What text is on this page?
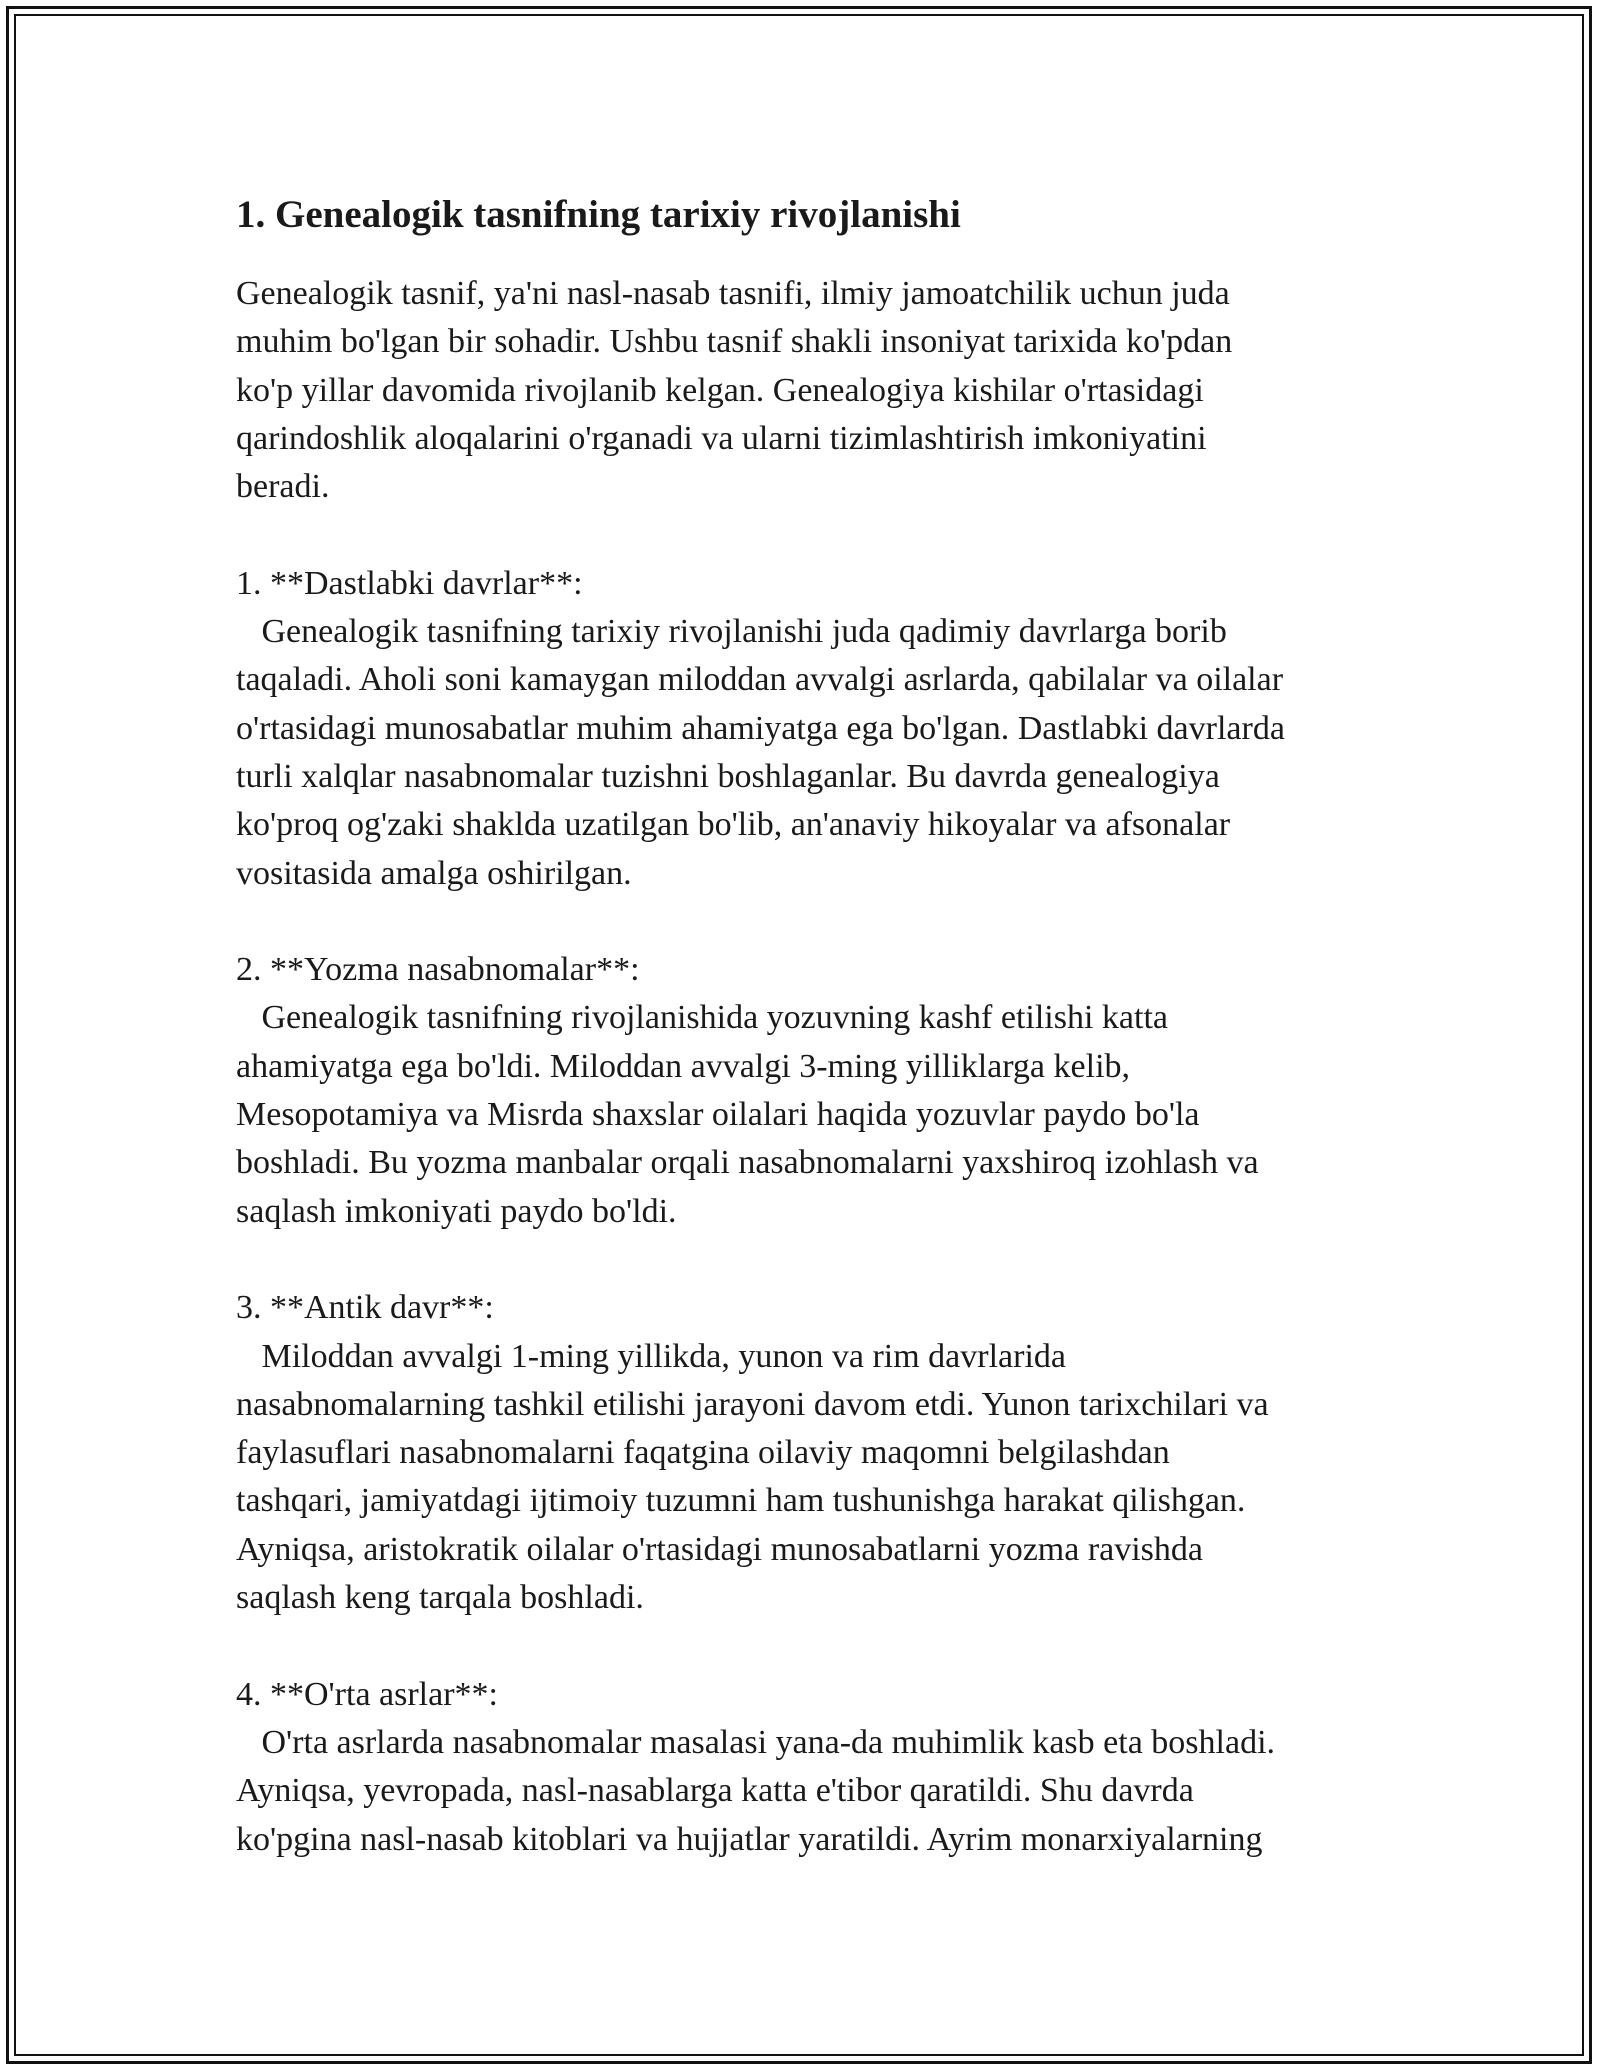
1. Genealogik tasnifning tarixiy rivojlanishi

Genealogik tasnif, ya'ni nasl-nasab tasnifi, ilmiy jamoatchilik uchun juda
muhim bo'lgan bir sohadir. Ushbu tasnif shakli insoniyat tarixida ko'pdan
ko'p yillar davomida rivojlanib kelgan. Genealogiya kishilar o'rtasidagi
qarindoshlik aloqalarini o'rganadi va ularni tizimlashtirish imkoniyatini
beradi.

1. **Dastlabki davrlar**:

Genealogik tasnifning tarixiy rivojlanishi juda qadimiy davrlarga borib
taqaladi. Aholi soni kamaygan miloddan avvalgi asrlarda, qabilalar va oilalar
o'rtasidagi munosabatlar muhim ahamiyatga ega bo'lgan. Dastlabki davrlarda
turli xalqlar nasabnomalar tuzishni boshlaganlar. Bu davrda genealogiya
ko'proq og'zaki shaklda uzatilgan bo'lib, an'anaviy hikoyalar va afsonalar
vositasida amalga oshirilgan.

2. **Yozma nasabnomalar**:

Genealogik tasnifning rivojlanishida yozuvning kashf etilishi katta
ahamiyatga ega bo'ldi. Miloddan avvalgi 3-ming yilliklarga kelib,
Mesopotamiya va Misrda shaxslar oilalari haqida yozuvlar paydo bo'la
boshladi. Bu yozma manbalar orqali nasabnomalarni yaxshiroq izohlash va
saqlash imkoniyati paydo bo'ldi.

3. **Antik davr**:

Miloddan avvalgi 1-ming yillikda, yunon va rim davrlarida
nasabnomalarning tashkil etilishi jarayoni davom etdi. Yunon tarixchilari va
faylasuflari nasabnomalarni faqatgina oilaviy maqomni belgilashdan
tashqari, jamiyatdagi ijtimoiy tuzumni ham tushunishga harakat qilishgan.
Ayniqsa, aristokratik oilalar o'rtasidagi munosabatlarni yozma ravishda
saqlash keng tarqala boshladi.

4. **O'rta asrlar**:

O'rta asrlarda nasabnomalar masalasi yana-da muhimlik kasb eta boshladi.
Ayniqsa, yevropada, nasl-nasablarga katta e'tibor qaratildi. Shu davrda
ko'pgina nasl-nasab kitoblari va hujjatlar yaratildi. Ayrim monarxiyalarning
